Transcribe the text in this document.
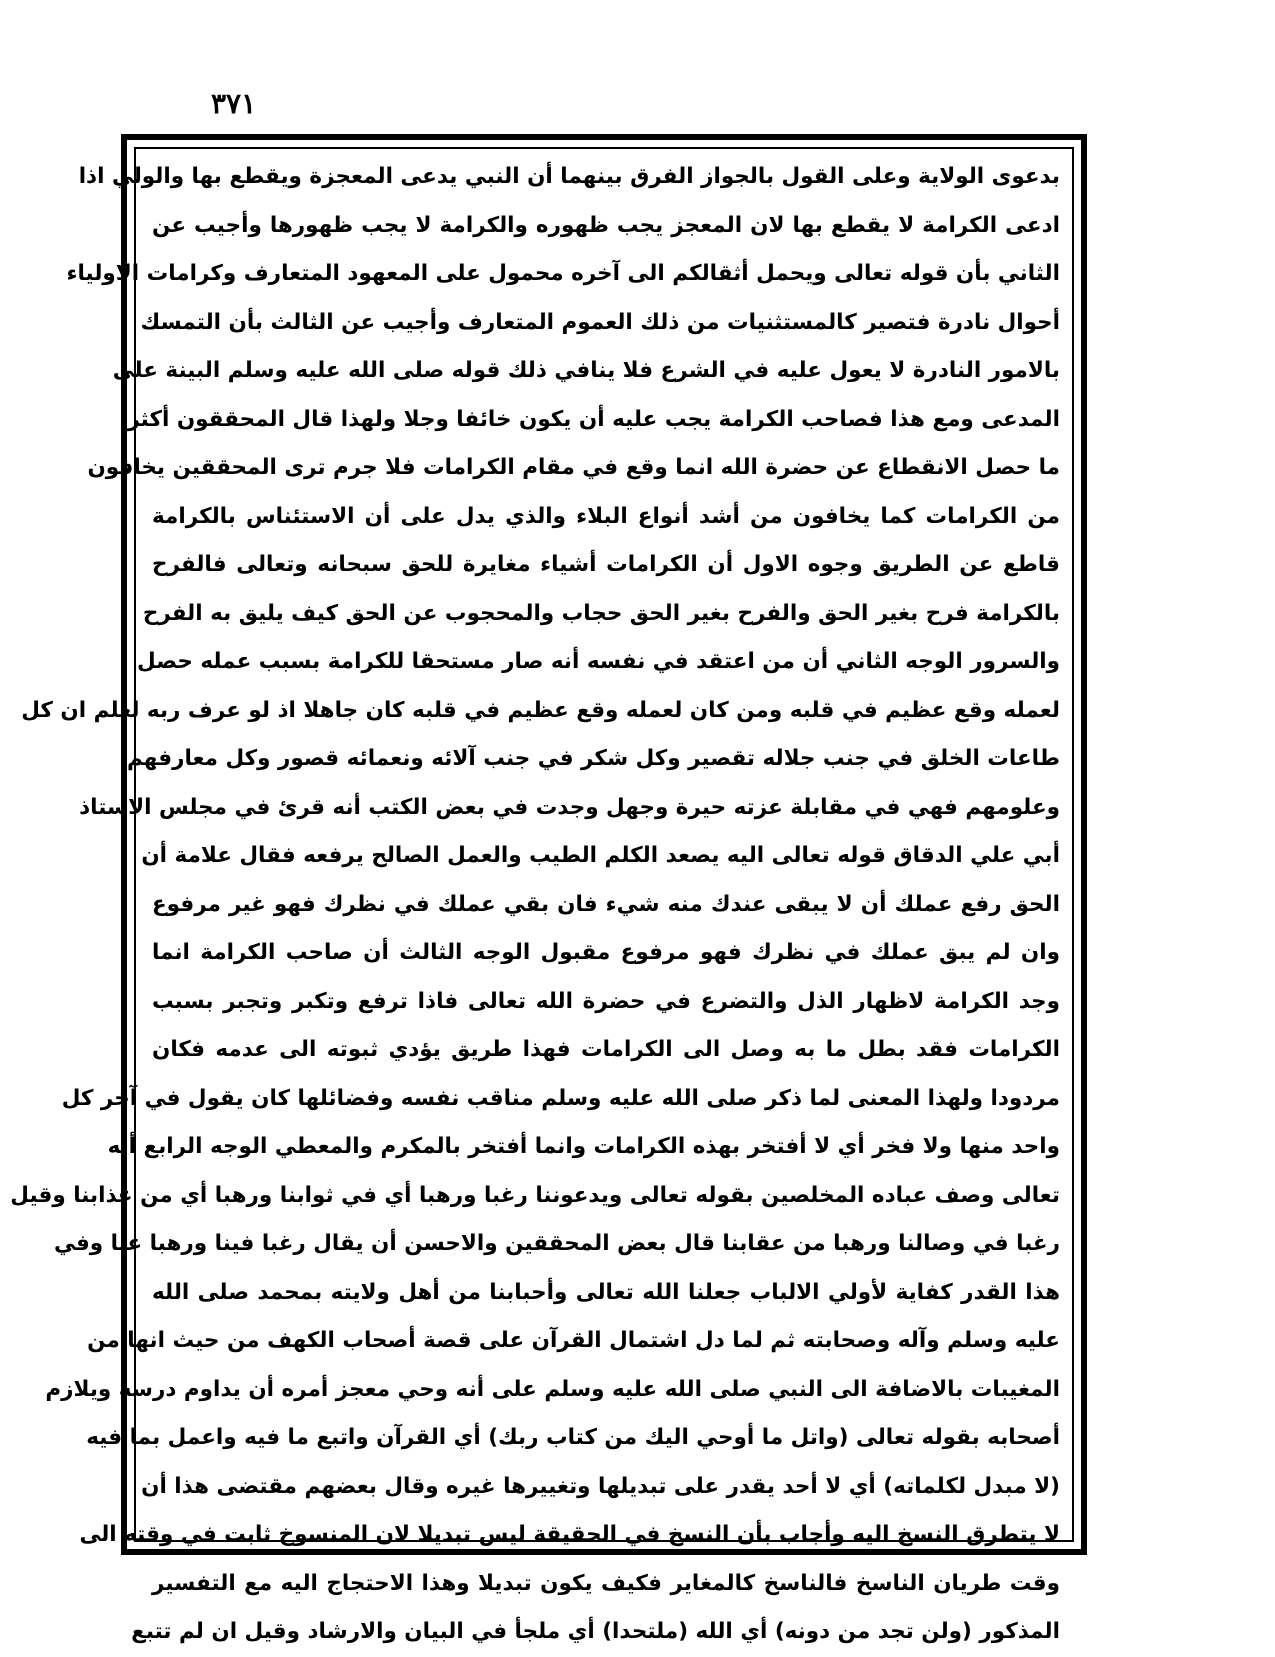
٣٧١
بدعوى الولاية وعلى القول بالجواز الفرق بينهما أن النبي يدعى المعجزة ويقطع بها والولي اذا
ادعى الكرامة لا يقطع بها لان المعجز يجب ظهوره والكرامة لا يجب ظهورها وأجيب عن
الثاني بأن قوله تعالى ويحمل أثقالكم الى آخره محمول على المعهود المتعارف وكرامات الاولياء
أحوال نادرة فتصير كالمستثنيات من ذلك العموم المتعارف وأجيب عن الثالث بأن التمسك
بالامور النادرة لا يعول عليه في الشرع فلا ينافي ذلك قوله صلى الله عليه وسلم البينة على
المدعى ومع هذا فصاحب الكرامة يجب عليه أن يكون خائفا وجلا ولهذا قال المحققون أكثر
ما حصل الانقطاع عن حضرة الله انما وقع في مقام الكرامات فلا جرم ترى المحققين يخافون
من الكرامات كما يخافون من أشد أنواع البلاء والذي يدل على أن الاستئناس بالكرامة
قاطع عن الطريق وجوه الاول أن الكرامات أشياء مغايرة للحق سبحانه وتعالى فالفرح
بالكرامة فرح بغير الحق والفرح بغير الحق حجاب والمحجوب عن الحق كيف يليق به الفرح
والسرور الوجه الثاني أن من اعتقد في نفسه أنه صار مستحقا للكرامة بسبب عمله حصل
لعمله وقع عظيم في قلبه ومن كان لعمله وقع عظيم في قلبه كان جاهلا اذ لو عرف ربه لعلم ان كل
طاعات الخلق في جنب جلاله تقصير وكل شكر في جنب آلائه ونعمائه قصور وكل معارفهم
وعلومهم فهي في مقابلة عزته حيرة وجهل وجدت في بعض الكتب أنه قرئ في مجلس الاستاذ
أبي علي الدقاق قوله تعالى اليه يصعد الكلم الطيب والعمل الصالح يرفعه فقال علامة أن
الحق رفع عملك أن لا يبقى عندك منه شيء فان بقي عملك في نظرك فهو غير مرفوع
وان لم يبق عملك في نظرك فهو مرفوع مقبول الوجه الثالث أن صاحب الكرامة انما
وجد الكرامة لاظهار الذل والتضرع في حضرة الله تعالى فاذا ترفع وتكبر وتجبر بسبب
الكرامات فقد بطل ما به وصل الى الكرامات فهذا طريق يؤدي ثبوته الى عدمه فكان
مردودا ولهذا المعنى لما ذكر صلى الله عليه وسلم مناقب نفسه وفضائلها كان يقول في آخر كل
واحد منها ولا فخر أي لا أفتخر بهذه الكرامات وانما أفتخر بالمكرم والمعطي الوجه الرابع أنه
تعالى وصف عباده المخلصين بقوله تعالى ويدعوننا رغبا ورهبا أي في ثوابنا ورهبا أي من عذابنا وقيل
رغبا في وصالنا ورهبا من عقابنا قال بعض المحققين والاحسن أن يقال رغبا فينا ورهبا عنا وفي
هذا القدر كفاية لأولي الالباب جعلنا الله تعالى وأحبابنا من أهل ولايته بمحمد صلى الله
عليه وسلم وآله وصحابته ثم لما دل اشتمال القرآن على قصة أصحاب الكهف من حيث انها من
المغيبات بالاضافة الى النبي صلى الله عليه وسلم على أنه وحي معجز أمره أن يداوم درسه ويلازم
أصحابه بقوله تعالى (واتل ما أوحي اليك من كتاب ربك) أي القرآن واتبع ما فيه واعمل بما فيه
(لا مبدل لكلماته) أي لا أحد يقدر على تبديلها وتغييرها غيره وقال بعضهم مقتضى هذا أن
لا يتطرق النسخ اليه وأجاب بأن النسخ في الحقيقة ليس تبديلا لان المنسوخ ثابت في وقته الى
وقت طريان الناسخ فالناسخ كالمغاير فكيف يكون تبديلا وهذا الاحتجاج اليه مع التفسير
المذكور (ولن تجد من دونه) أي الله (ملتحدا) أي ملجأ في البيان والارشاد وقيل ان لم تتبع
